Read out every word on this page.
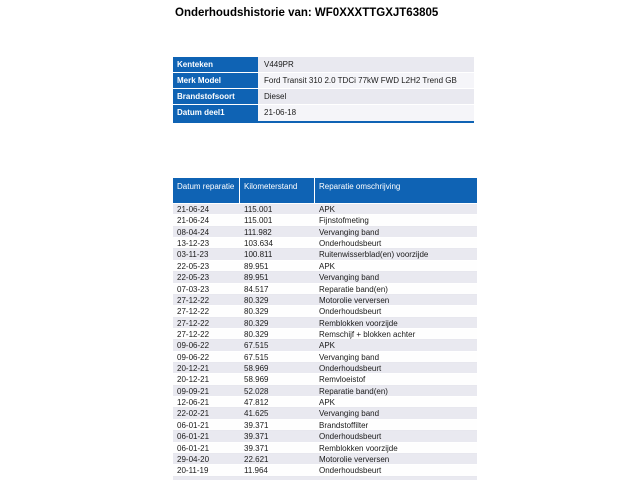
Onderhoudshistorie van: WF0XXXTTGXJT63805
Kenteken	V449PR
Merk Model	Ford Transit 310 2.0 TDCi 77kW FWD L2H2 Trend GB
Brandstofsoort	Diesel
Datum deel1	21-06-18
Datum reparatie	Kilometerstand	Reparatie omschrijving
21-06-24	115.001	APK
21-06-24	115.001	Fijnstofmeting
08-04-24	111.982	Vervanging band
13-12-23	103.634	Onderhoudsbeurt
03-11-23	100.811	Ruitenwisserblad(en) voorzijde
22-05-23	89.951	APK
22-05-23	89.951	Vervanging band
07-03-23	84.517	Reparatie band(en)
27-12-22	80.329	Motorolie verversen
27-12-22	80.329	Onderhoudsbeurt
27-12-22	80.329	Remblokken voorzijde
27-12-22	80.329	Remschijf + blokken achter
09-06-22	67.515	APK
09-06-22	67.515	Vervanging band
20-12-21	58.969	Onderhoudsbeurt
20-12-21	58.969	Remvloeistof
09-09-21	52.028	Reparatie band(en)
12-06-21	47.812	APK
22-02-21	41.625	Vervanging band
06-01-21	39.371	Brandstoffilter
06-01-21	39.371	Onderhoudsbeurt
06-01-21	39.371	Remblokken voorzijde
29-04-20	22.621	Motorolie verversen
20-11-19	11.964	Onderhoudsbeurt
